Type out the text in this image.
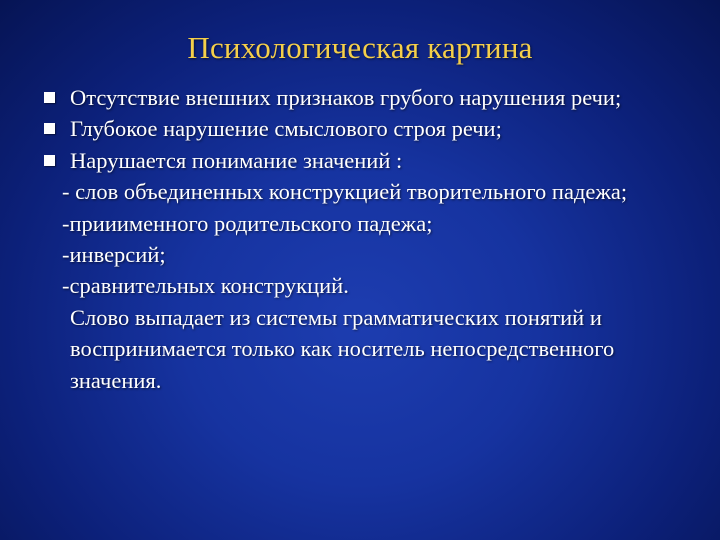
Психологическая картина
Отсутствие внешних признаков грубого нарушения речи;
Глубокое нарушение смыслового строя речи;
Нарушается понимание значений :
- слов объединенных конструкцией творительного падежа;
-прииименного родительского падежа;
-инверсий;
-сравнительных конструкций.
Слово выпадает из системы грамматических понятий и воспринимается только как носитель непосредственного значения.
